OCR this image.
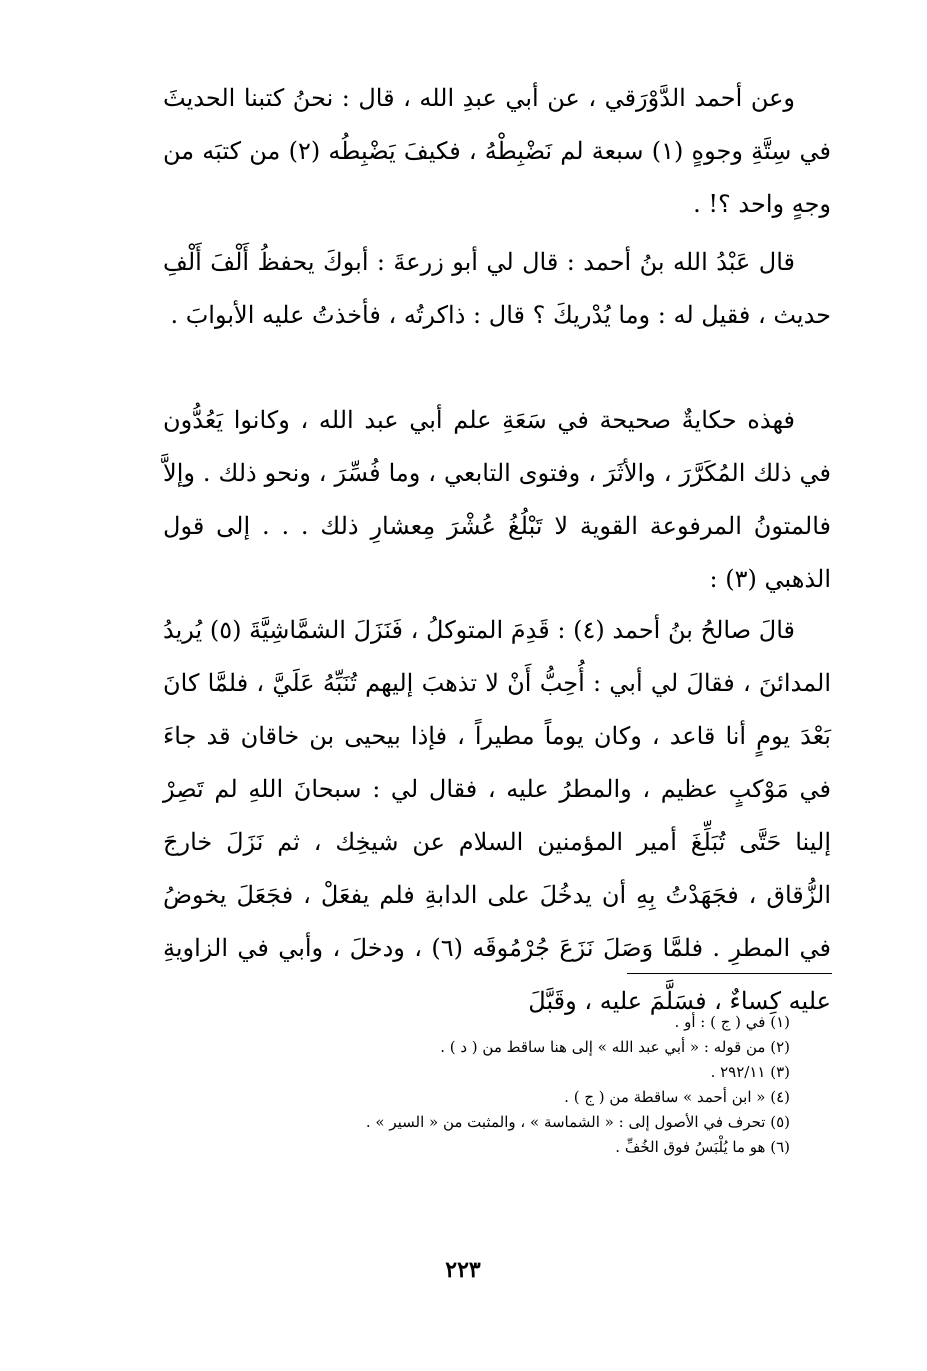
وعن أحمد الدَّوْرَقي ، عن أبي عبدِ الله ، قال : نحنُ كتبنا الحديثَ في سِتَّةِ وجوهٍ (١) سبعة لم نَضْبِطْهُ ، فكيفَ يَضْبِطُه (٢) من كتبَه من وجهٍ واحد ؟! .

قال عَبْدُ الله بنُ أحمد : قال لي أبو زرعةَ : أبوكَ يحفظُ أَلْفَ أَلْفِ حديث ، فقيل له : وما يُدْريكَ ؟ قال : ذاكرتُه ، فأخذتُ عليه الأبوابَ .

فهذه حكايةٌ صحيحة في سَعَةِ علم أبي عبد الله ، وكانوا يَعُدُّون في ذلك المُكَرَّرَ ، والأثَرَ ، وفتوى التابعي ، وما فُسِّرَ ، ونحو ذلك . وإلاَّ فالمتونُ المرفوعة القوية لا تَبْلُغُ عُشْرَ مِعشارِ ذلك . . . إلى قول الذهبي (٣) :

قالَ صالحُ بنُ أحمد (٤) : قَدِمَ المتوكلُ ، فَنَزَلَ الشمَّاشِيَّةَ (٥) يُريدُ المدائنَ ، فقالَ لي أبي : أُحِبُّ أَنْ لا تذهبَ إليهم تُنَبِّهُ عَلَيَّ ، فلمَّا كانَ بَعْدَ يومٍ أنا قاعد ، وكان يوماً مطيراً ، فإذا بيحيى بن خاقان قد جاءَ في مَوْكبٍ عظيم ، والمطرُ عليه ، فقال لي : سبحانَ اللهِ لم تَصِرْ إلينا حَتَّى تُبَلِّغَ أمير المؤمنين السلام عن شيخِك ، ثم نَزَلَ خارجَ الزُّقاق ، فجَهَدْتُ بِهِ أن يدخُلَ على الدابةِ فلم يفعَلْ ، فجَعَلَ يخوضُ في المطرِ . فلمَّا وَصَلَ نَزَعَ جُرْمُوقَه (٦) ، ودخلَ ، وأبي في الزاويةِ عليه كِساءٌ ، فسَلَّمَ عليه ، وقَبَّلَ

(١) في ( ج ) : أو .

(٢) من قوله : « أبي عبد الله » إلى هنا ساقط من ( د ) .

(٣) ٢٩٢/١١ .

(٤) « ابن أحمد » ساقطة من ( ج ) .

(٥) تحرف في الأصول إلى : « الشماسة » ، والمثبت من « السير » .

(٦) هو ما يُلْبَسُ فوق الخُفِّ .

٢٢٣
